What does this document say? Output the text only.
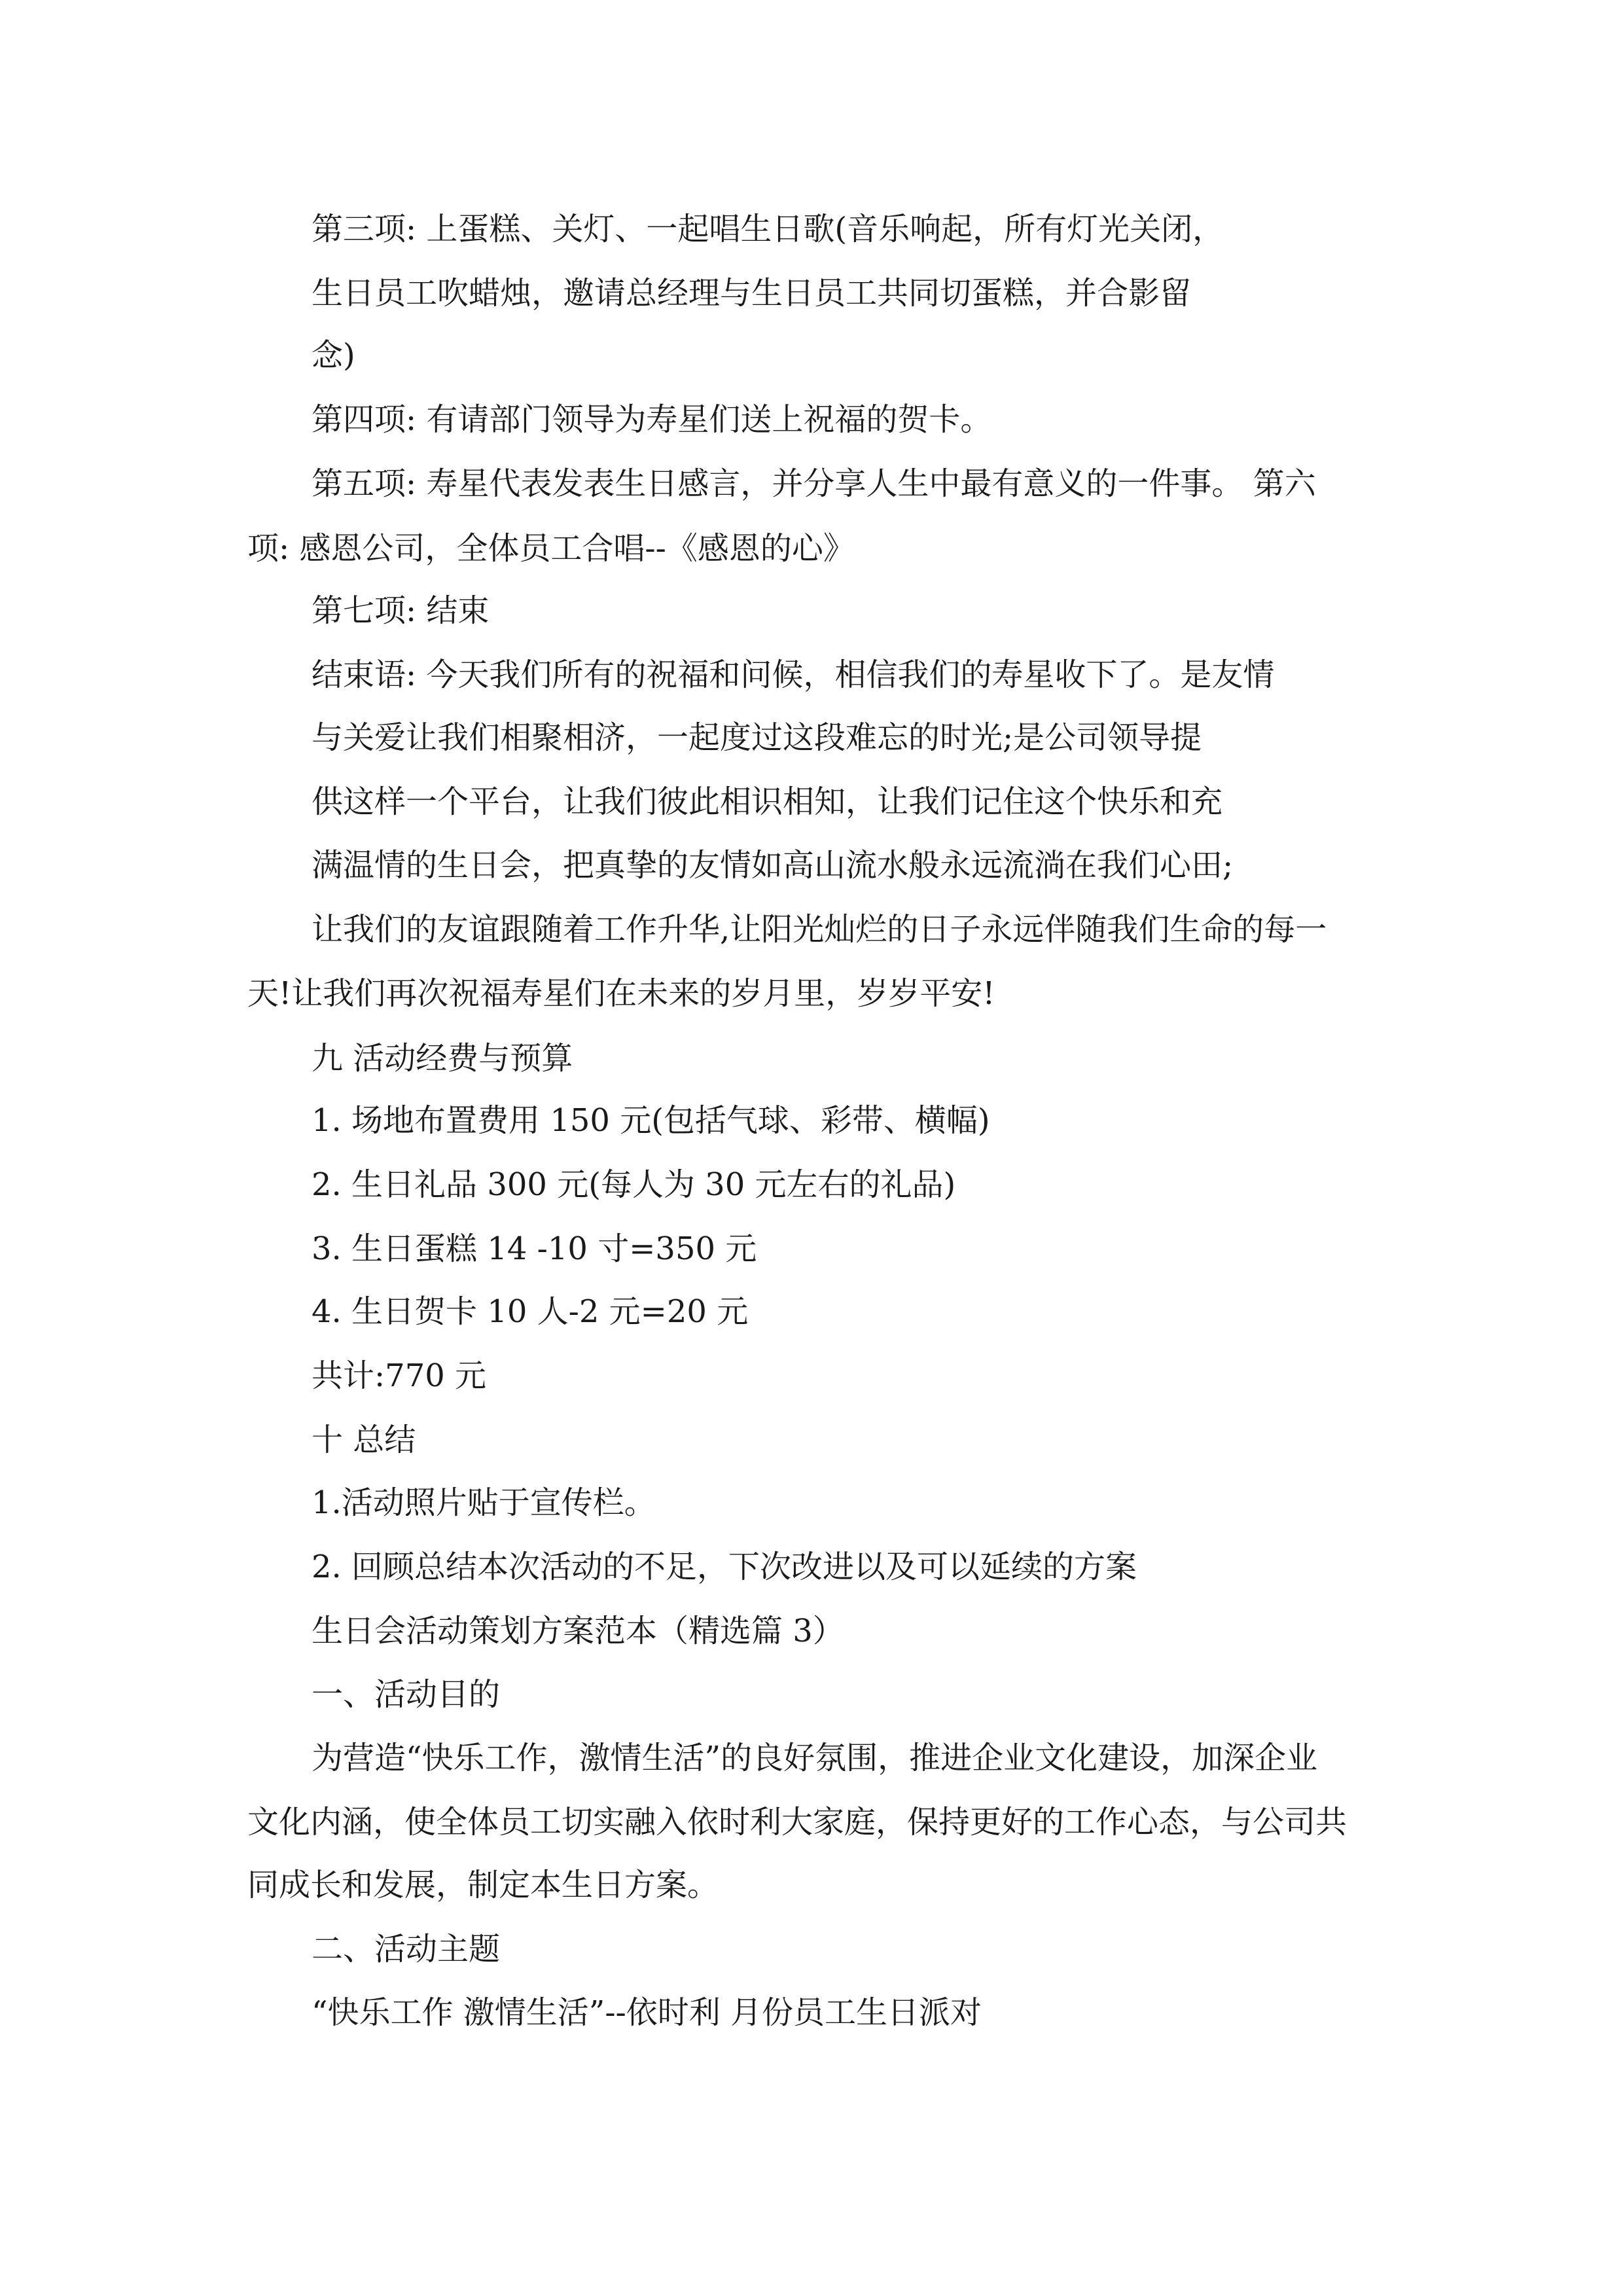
第三项: 上蛋糕、关灯、一起唱生日歌(音乐响起，所有灯光关闭，

生日员工吹蜡烛，邀请总经理与生日员工共同切蛋糕，并合影留

念)

第四项: 有请部门领导为寿星们送上祝福的贺卡。

第五项: 寿星代表发表生日感言，并分享人生中最有意义的一件事。 第六

项: 感恩公司，全体员工合唱--《感恩的心》

第七项: 结束

结束语: 今天我们所有的祝福和问候，相信我们的寿星收下了。是友情

与关爱让我们相聚相济，一起度过这段难忘的时光;是公司领导提

供这样一个平台，让我们彼此相识相知，让我们记住这个快乐和充

满温情的生日会，把真挚的友情如高山流水般永远流淌在我们心田;

让我们的友谊跟随着工作升华,让阳光灿烂的日子永远伴随我们生命的每一

天!让我们再次祝福寿星们在未来的岁月里，岁岁平安!

九 活动经费与预算

1. 场地布置费用 150 元(包括气球、彩带、横幅)

2. 生日礼品 300 元(每人为 30 元左右的礼品)

3. 生日蛋糕 14 -10 寸=350 元

4. 生日贺卡 10 人-2 元=20 元

共计:770 元

十 总结

1.活动照片贴于宣传栏。

2. 回顾总结本次活动的不足，下次改进以及可以延续的方案

生日会活动策划方案范本（精选篇 3）

一、活动目的

为营造“快乐工作，激情生活”的良好氛围，推进企业文化建设，加深企业

文化内涵，使全体员工切实融入依时利大家庭，保持更好的工作心态，与公司共

同成长和发展，制定本生日方案。

二、活动主题

“快乐工作 激情生活”--依时利 月份员工生日派对
